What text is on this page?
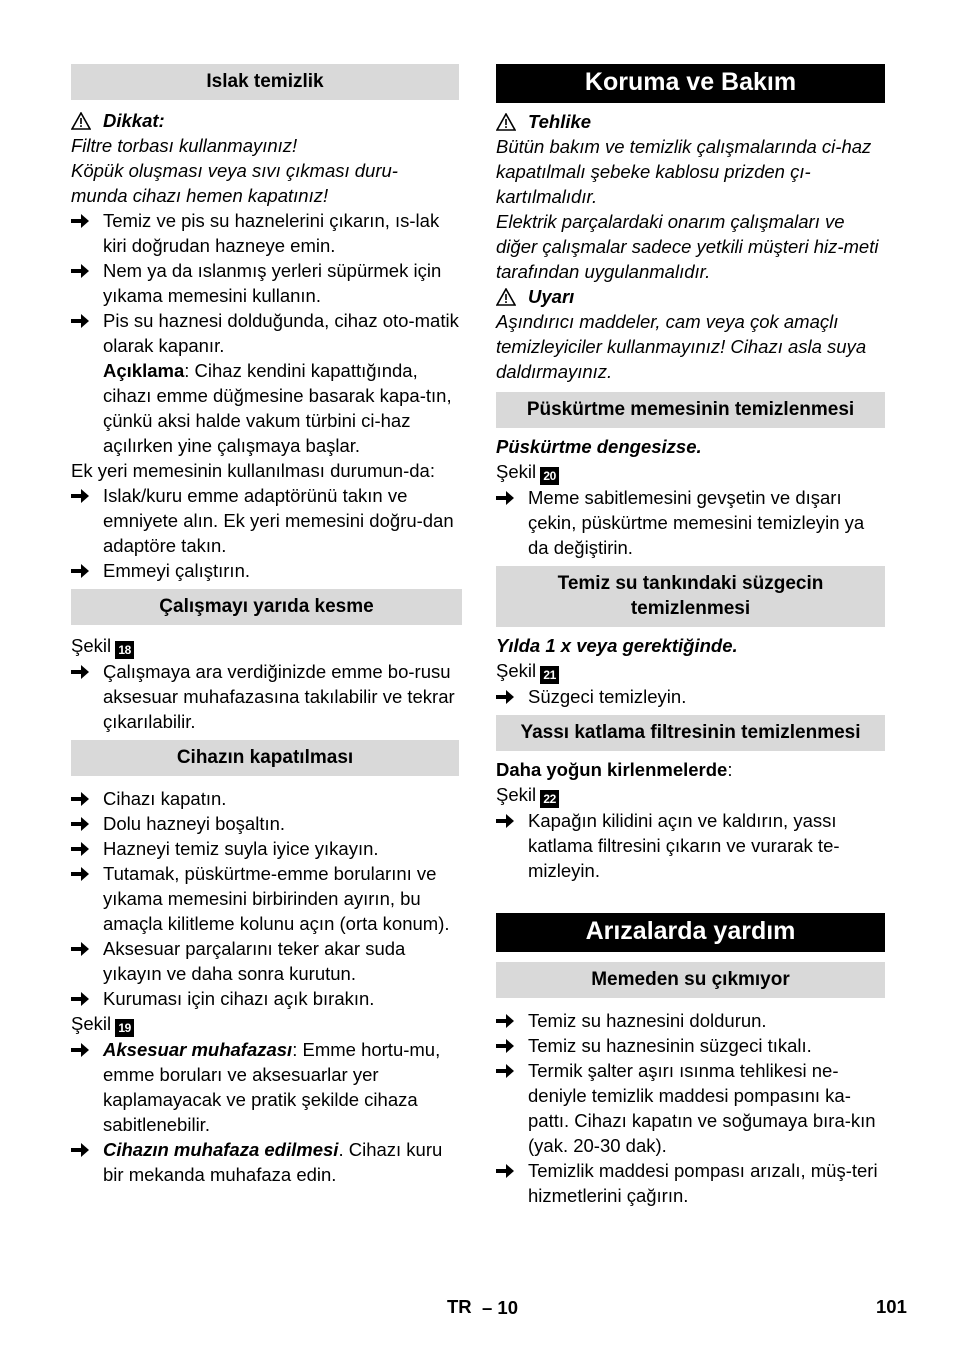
Islak temizlik
Dikkat:
Filtre torbası kullanmayınız!
Köpük oluşması veya sıvı çıkması duru-
munda cihazı hemen kapatınız!
Temiz ve pis su haznelerini çıkarın, ıs-lak kiri doğrudan hazneye emin.
Nem ya da ıslanmış yerleri süpürmek için yıkama memesini kullanın.
Pis su haznesi dolduğunda, cihaz oto-matik olarak kapanır.
Açıklama: Cihaz kendini kapattığında, cihazı emme düğmesine basarak kapa-tın, çünkü aksi halde vakum türbini ci-haz açılırken yine çalışmaya başlar.
Ek yeri memesinin kullanılması durumun-da:
Islak/kuru emme adaptörünü takın ve emniyete alın. Ek yeri memesini doğru-dan adaptöre takın.
Emmeyi çalıştırın.
Çalışmayı yarıda kesme
Şekil 18
Çalışmaya ara verdiğinizde emme bo-rusu aksesuar muhafazasına takılabilir ve tekrar çıkarılabilir.
Cihazın kapatılması
Cihazı kapatın.
Dolu hazneyi boşaltın.
Hazneyi temiz suyla iyice yıkayın.
Tutamak, püskürtme-emme borularını ve yıkama memesini birbirinden ayırın, bu amaçla kilitleme kolunu açın (orta konum).
Aksesuar parçalarını teker akar suda yıkayın ve daha sonra kurutun.
Kuruması için cihazı açık bırakın.
Şekil 19
Aksesuar muhafazası: Emme hortu-mu, emme boruları ve aksesuarlar yer kaplamayacak ve pratik şekilde cihaza sabitlenebilir.
Cihazın muhafaza edilmesi. Cihazı kuru bir mekanda muhafaza edin.
Koruma ve Bakım
Tehlike
Bütün bakım ve temizlik çalışmalarında ci-haz kapatılmalı şebeke kablosu prizden çı-kartılmalıdır.
Elektrik parçalardaki onarım çalışmaları ve diğer çalışmalar sadece yetkili müşteri hiz-meti tarafından uygulanmalıdır.
Uyarı
Aşındırıcı maddeler, cam veya çok amaçlı temizleyiciler kullanmayınız! Cihazı asla suya daldırmayınız.
Püskürtme memesinin temizlenmesi
Püskürtme dengesizse.
Şekil 20
Meme sabitlemesini gevşetin ve dışarı çekin, püskürtme memesini temizleyin ya da değiştirin.
Temiz su tankındaki süzgecin temizlenmesi
Yılda 1 x veya gerektiğinde.
Şekil 21
Süzgeci temizleyin.
Yassı katlama filtresinin temizlenmesi
Daha yoğun kirlenmelerde:
Şekil 22
Kapağın kilidini açın ve kaldırın, yassı katlama filtresini çıkarın ve vurarak te-mizleyin.
Arızalarda yardım
Memeden su çıkmıyor
Temiz su haznesini doldurun.
Temiz su haznesinin süzgeci tıkalı.
Termik şalter aşırı ısınma tehlikesi ne-deniyle temizlik maddesi pompasını ka-pattı. Cihazı kapatın ve soğumaya bıra-kın (yak. 20-30 dak).
Temizlik maddesi pompası arızalı, müş-teri hizmetlerini çağırın.
TR – 10	101
